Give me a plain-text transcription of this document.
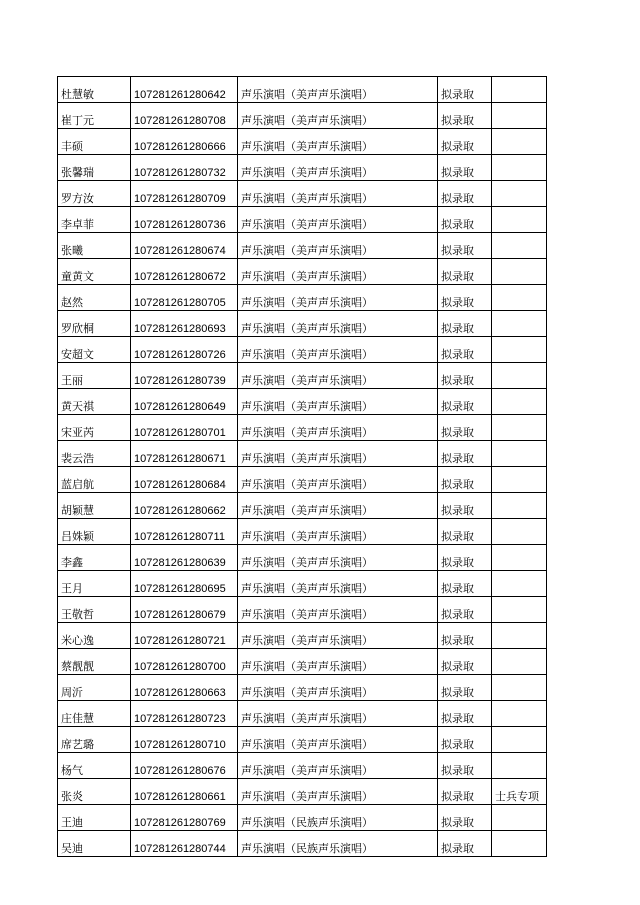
杜慧敏	107281261280642	声乐演唱（美声声乐演唱）	拟录取	
崔丁元	107281261280708	声乐演唱（美声声乐演唱）	拟录取	
丰硕	107281261280666	声乐演唱（美声声乐演唱）	拟录取	
张馨瑞	107281261280732	声乐演唱（美声声乐演唱）	拟录取	
罗方汝	107281261280709	声乐演唱（美声声乐演唱）	拟录取	
李卓菲	107281261280736	声乐演唱（美声声乐演唱）	拟录取	
张曦	107281261280674	声乐演唱（美声声乐演唱）	拟录取	
童黄文	107281261280672	声乐演唱（美声声乐演唱）	拟录取	
赵然	107281261280705	声乐演唱（美声声乐演唱）	拟录取	
罗欣桐	107281261280693	声乐演唱（美声声乐演唱）	拟录取	
安超文	107281261280726	声乐演唱（美声声乐演唱）	拟录取	
王丽	107281261280739	声乐演唱（美声声乐演唱）	拟录取	
黄天祺	107281261280649	声乐演唱（美声声乐演唱）	拟录取	
宋亚芮	107281261280701	声乐演唱（美声声乐演唱）	拟录取	
裴云浩	107281261280671	声乐演唱（美声声乐演唱）	拟录取	
蓝启航	107281261280684	声乐演唱（美声声乐演唱）	拟录取	
胡颖慧	107281261280662	声乐演唱（美声声乐演唱）	拟录取	
吕姝颖	107281261280711	声乐演唱（美声声乐演唱）	拟录取	
李鑫	107281261280639	声乐演唱（美声声乐演唱）	拟录取	
王月	107281261280695	声乐演唱（美声声乐演唱）	拟录取	
王敬哲	107281261280679	声乐演唱（美声声乐演唱）	拟录取	
米心逸	107281261280721	声乐演唱（美声声乐演唱）	拟录取	
蔡靓靓	107281261280700	声乐演唱（美声声乐演唱）	拟录取	
周沂	107281261280663	声乐演唱（美声声乐演唱）	拟录取	
庄佳慧	107281261280723	声乐演唱（美声声乐演唱）	拟录取	
席艺璐	107281261280710	声乐演唱（美声声乐演唱）	拟录取	
杨气	107281261280676	声乐演唱（美声声乐演唱）	拟录取	
张炎	107281261280661	声乐演唱（美声声乐演唱）	拟录取	士兵专项
王迪	107281261280769	声乐演唱（民族声乐演唱）	拟录取	
吴迪	107281261280744	声乐演唱（民族声乐演唱）	拟录取	
